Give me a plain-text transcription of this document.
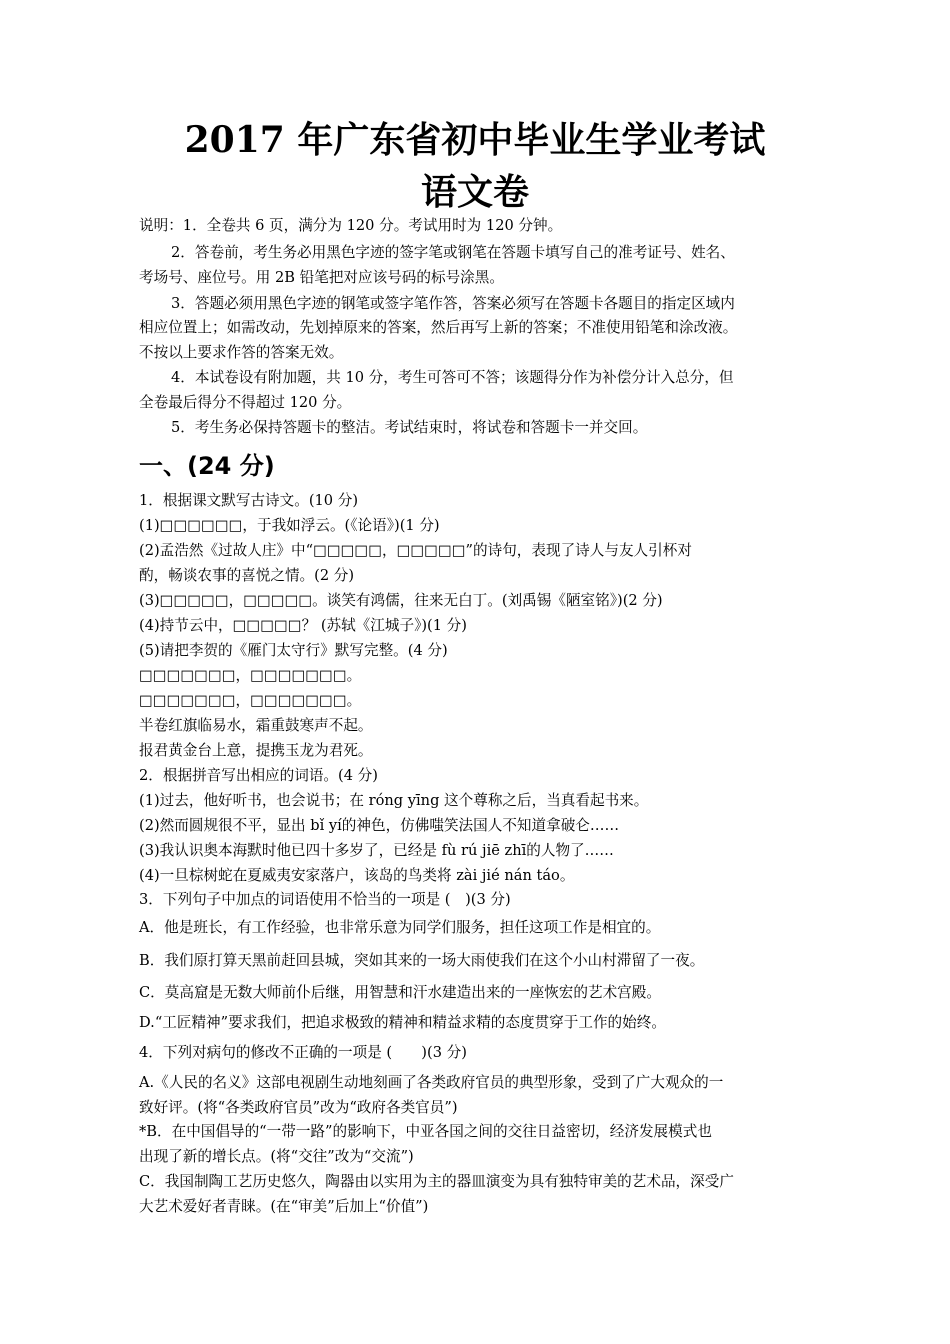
2017 年广东省初中毕业生学业考试
语文卷
说明：1．全卷共 6 页，满分为 120 分。考试用时为 120 分钟。
2．答卷前，考生务必用黑色字迹的签字笔或钢笔在答题卡填写自己的准考证号、姓名、
考场号、座位号。用 2B 铅笔把对应该号码的标号涂黑。
3．答题必须用黑色字迹的钢笔或签字笔作答，答案必须写在答题卡各题目的指定区域内
相应位置上；如需改动，先划掉原来的答案，然后再写上新的答案；不准使用铅笔和涂改液。
不按以上要求作答的答案无效。
4．本试卷设有附加题，共 10 分，考生可答可不答；该题得分作为补偿分计入总分，但
全卷最后得分不得超过 120 分。
5．考生务必保持答题卡的整洁。考试结束时，将试卷和答题卡一并交回。
一、(24 分)
1．根据课文默写古诗文。(10 分)
(1)□□□□□□，于我如浮云。(《论语》)(1 分)
(2)孟浩然《过故人庄》中“□□□□□，□□□□□”的诗句，表现了诗人与友人引杯对
酌，畅谈农事的喜悦之情。(2 分)
(3)□□□□□，□□□□□。谈笑有鸿儒，往来无白丁。(刘禹锡《陋室铭》)(2 分)
(4)持节云中，□□□□□？ (苏轼《江城子》)(1 分)
(5)请把李贺的《雁门太守行》默写完整。(4 分)
□□□□□□□，□□□□□□□。
□□□□□□□，□□□□□□□。
半卷红旗临易水，霜重鼓寒声不起。
报君黄金台上意，提携玉龙为君死。
2．根据拼音写出相应的词语。(4 分)
(1)过去，他好听书，也会说书；在 róng yīng 这个尊称之后，当真看起书来。
(2)然而圆规很不平，显出 bǐ yí的神色，仿佛嗤笑法国人不知道拿破仑……
(3)我认识奥本海默时他已四十多岁了，已经是 fù rú jiē zhī的人物了……
(4)一旦棕树蛇在夏威夷安家落户，该岛的鸟类将 zài jié nán táo。
3．下列句子中加点的词语使用不恰当的一项是 (　)(3 分)
A．他是班长，有工作经验，也非常乐意为同学们服务，担任这项工作是相宜的。
B．我们原打算天黑前赶回县城，突如其来的一场大雨使我们在这个小山村滞留了一夜。
C．莫高窟是无数大师前仆后继，用智慧和汗水建造出来的一座恢宏的艺术宫殿。
D.“工匠精神”要求我们，把追求极致的精神和精益求精的态度贯穿于工作的始终。
4．下列对病句的修改不正确的一项是 (　　)(3 分)
A.《人民的名义》这部电视剧生动地刻画了各类政府官员的典型形象，受到了广大观众的一
致好评。(将“各类政府官员”改为“政府各类官员”)
*B．在中国倡导的“一带一路”的影响下，中亚各国之间的交往日益密切，经济发展模式也
出现了新的增长点。(将“交往”改为“交流”)
C．我国制陶工艺历史悠久，陶器由以实用为主的器皿演变为具有独特审美的艺术品，深受广
大艺术爱好者青睐。(在“审美”后加上“价值”)
